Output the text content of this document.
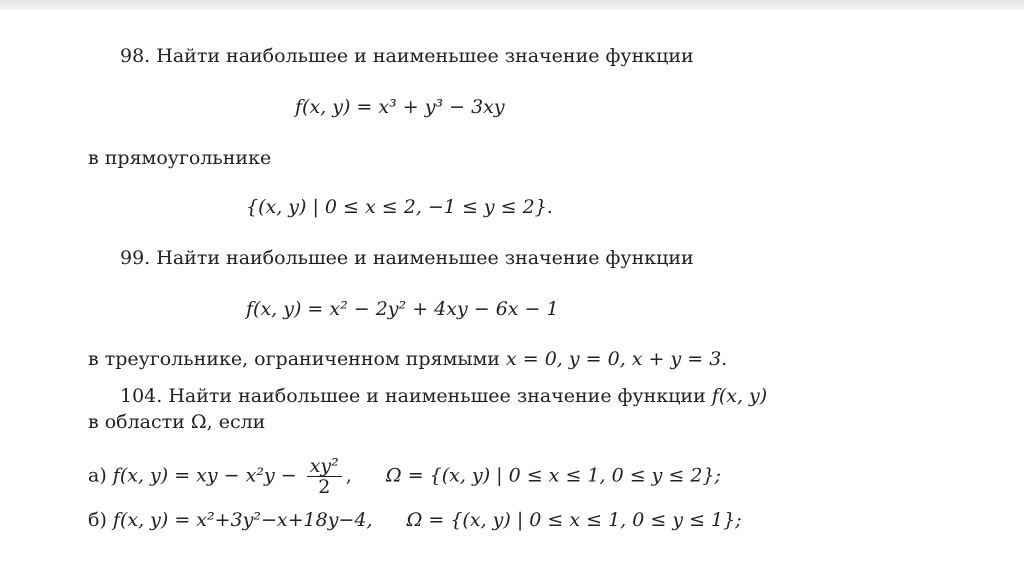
98. Найти наибольшее и наименьшее значение функции
f(x, y) = x³ + y³ − 3xy
в прямоугольнике
{(x, y) | 0 ≤ x ≤ 2, −1 ≤ y ≤ 2}.
99. Найти наибольшее и наименьшее значение функции
f(x, y) = x² − 2y² + 4xy − 6x − 1
в треугольнике, ограниченном прямыми x = 0, y = 0, x + y = 3.
104. Найти наибольшее и наименьшее значение функции f(x, y)
в области Ω, если
а) f(x, y) = xy − $x^2y - \frac{\text{xy²}}{2}$ , Ω = {(x, y) | 0 ≤ x ≤ 1, 0 ≤ y ≤ 2};
б) f(x, y) = x²+3y²−x+18y−4, Ω = {(x, y) | 0 ≤ x ≤ 1, 0 ≤ y ≤ 1};
